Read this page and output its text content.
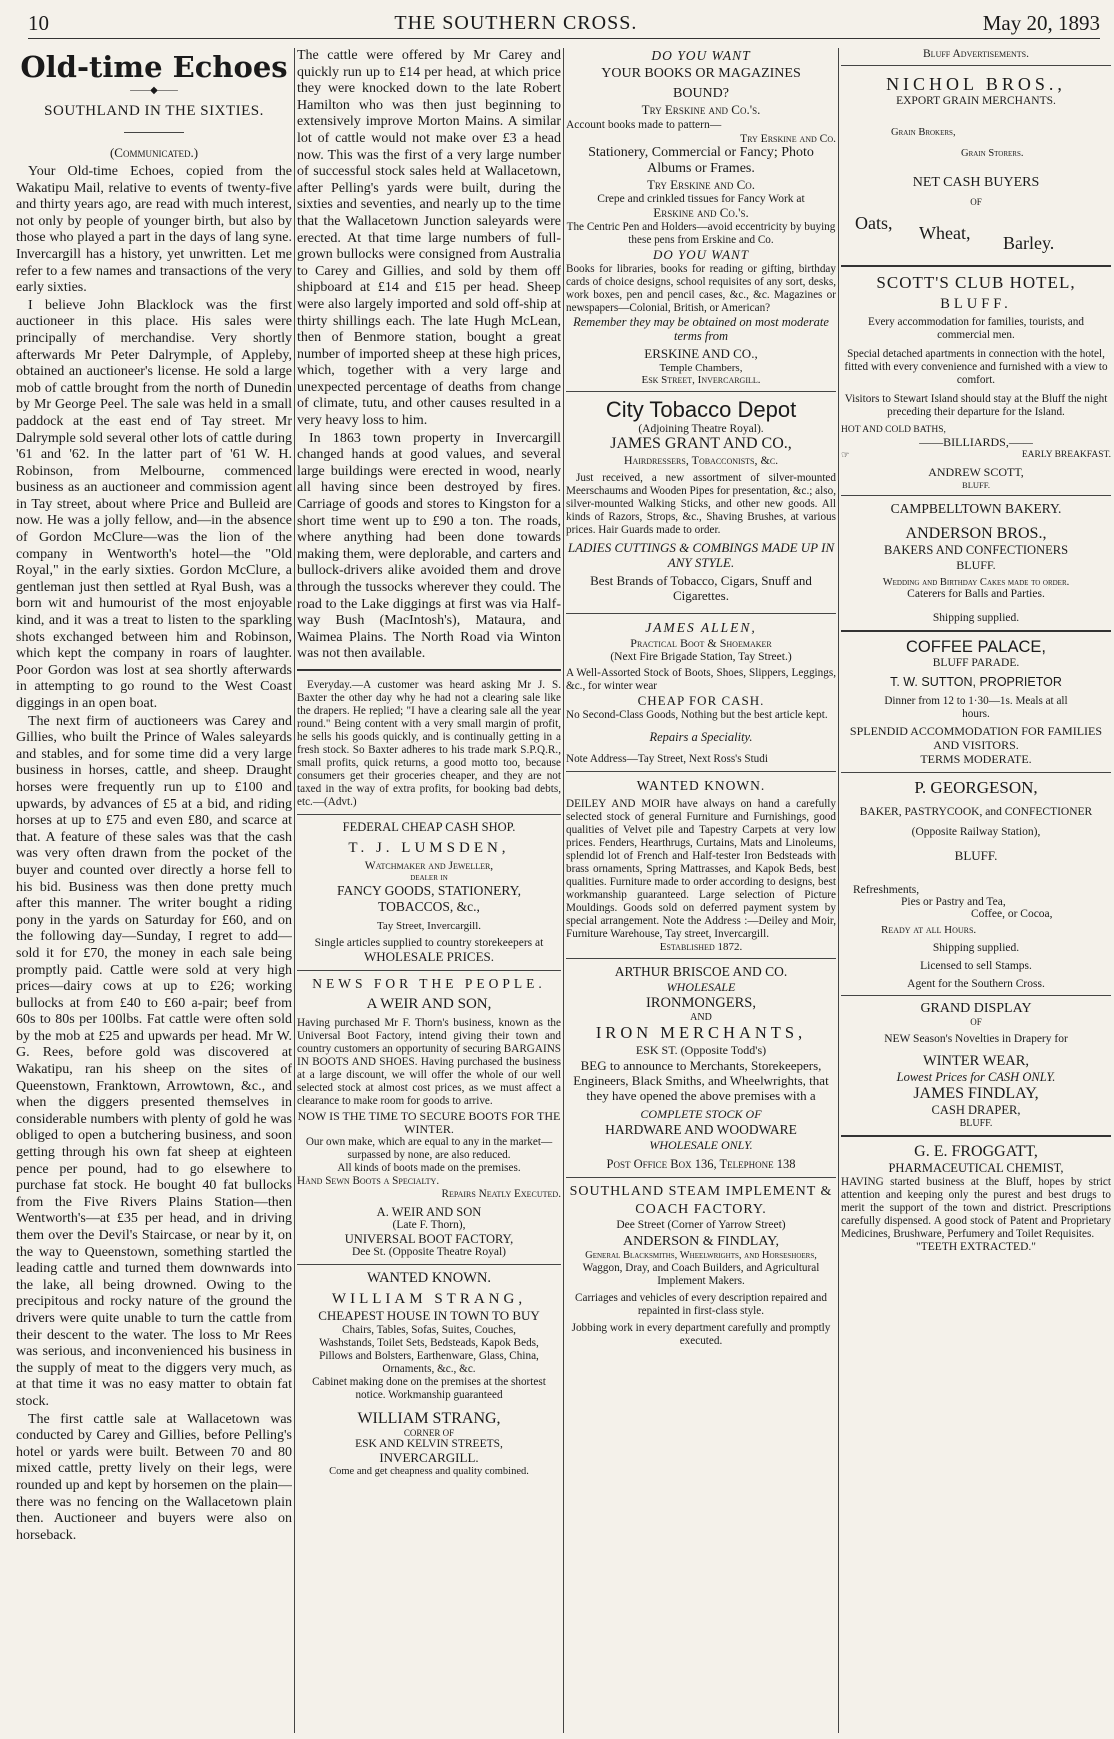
10	THE SOUTHERN CROSS.	May 20, 1893
Old-time Echoes
——◆——
SOUTHLAND IN THE SIXTIES.
(Communicated.)

Your Old-time Echoes, copied from the Wakatipu Mail, relative to events of twenty-five and thirty years ago, are read with much interest, not only by people of younger birth, but also by those who played a part in the days of lang syne. Invercargill has a history, yet unwritten. Let me refer to a few names and transactions of the very early sixties.

I believe John Blacklock was the first auctioneer in this place. His sales were principally of merchandise. Very shortly afterwards Mr Peter Dalrymple, of Appleby, obtained an auctioneer's license. He sold a large mob of cattle brought from the north of Dunedin by Mr George Peel. The sale was held in a small paddock at the east end of Tay street. Mr Dalrymple sold several other lots of cattle during '61 and '62. In the latter part of '61 W. H. Robinson, from Melbourne, commenced business as an auctioneer and commission agent in Tay street, about where Price and Bulleid are now. He was a jolly fellow, and—in the absence of Gordon McClure—was the lion of the company in Wentworth's hotel—the "Old Royal," in the early sixties. Gordon McClure, a gentleman just then settled at Ryal Bush, was a born wit and humourist of the most enjoyable kind, and it was a treat to listen to the sparkling shots exchanged between him and Robinson, which kept the company in roars of laughter. Poor Gordon was lost at sea shortly afterwards in attempting to go round to the West Coast diggings in an open boat.

The next firm of auctioneers was Carey and Gillies, who built the Prince of Wales saleyards and stables, and for some time did a very large business in horses, cattle, and sheep. Draught horses were frequently run up to £100 and upwards, by advances of £5 at a bid, and riding horses at up to £75 and even £80, and scarce at that. A feature of these sales was that the cash was very often drawn from the pocket of the buyer and counted over directly a horse fell to his bid. Business was then done pretty much after this manner. The writer bought a riding pony in the yards on Saturday for £60, and on the following day—Sunday, I regret to add—sold it for £70, the money in each sale being promptly paid. Cattle were sold at very high prices—dairy cows at up to £26; working bullocks at from £40 to £60 a-pair; beef from 60s to 80s per 100lbs. Fat cattle were often sold by the mob at £25 and upwards per head. Mr W. G. Rees, before gold was discovered at Wakatipu, ran his sheep on the sites of Queenstown, Franktown, Arrowtown, &c., and when the diggers presented themselves in considerable numbers with plenty of gold he was obliged to open a butchering business, and soon getting through his own fat sheep at eighteen pence per pound, had to go elsewhere to purchase fat stock. He bought 40 fat bullocks from the Five Rivers Plains Station—then Wentworth's—at £35 per head, and in driving them over the Devil's Staircase, or near by it, on the way to Queenstown, something startled the leading cattle and turned them downwards into the lake, all being drowned. Owing to the precipitous and rocky nature of the ground the drivers were quite unable to turn the cattle from their descent to the water. The loss to Mr Rees was serious, and inconvenienced his business in the supply of meat to the diggers very much, as at that time it was no easy matter to obtain fat stock.

The first cattle sale at Wallacetown was conducted by Carey and Gillies, before Pelling's hotel or yards were built. Between 70 and 80 mixed cattle, pretty lively on their legs, were rounded up and kept by horsemen on the plain—there was no fencing on the Wallacetown plain then. Auctioneer and buyers were also on horseback.

The cattle were offered by Mr Carey and quickly run up to £14 per head, at which price they were knocked down to the late Robert Hamilton who was then just beginning to extensively improve Morton Mains. A similar lot of cattle would not make over £3 a head now. This was the first of a very large number of successful stock sales held at Wallacetown, after Pelling's yards were built, during the sixties and seventies, and nearly up to the time that the Wallacetown Junction saleyards were erected. At that time large numbers of full-grown bullocks were consigned from Australia to Carey and Gillies, and sold by them off shipboard at £14 and £15 per head. Sheep were also largely imported and sold off-ship at thirty shillings each. The late Hugh McLean, then of Benmore station, bought a great number of imported sheep at these high prices, which, together with a very large and unexpected percentage of deaths from change of climate, tutu, and other causes resulted in a very heavy loss to him.

In 1863 town property in Invercargill changed hands at good values, and several large buildings were erected in wood, nearly all having since been destroyed by fires. Carriage of goods and stores to Kingston for a short time went up to £90 a ton. The roads, where anything had been done towards making them, were deplorable, and carters and bullock-drivers alike avoided them and drove through the tussocks wherever they could. The road to the Lake diggings at first was via Half-way Bush (MacIntosh's), Mataura, and Waimea Plains. The North Road via Winton was not then available.

Everyday.—A customer was heard asking Mr J. S. Baxter the other day why he had not a clearing sale like the drapers. He replied; "I have a clearing sale all the year round." Being content with a very small margin of profit, he sells his goods quickly, and is continually getting in a fresh stock. So Baxter adheres to his trade mark S.P.Q.R., small profits, quick returns, a good motto too, because consumers get their groceries cheaper, and they are not taxed in the way of extra profits, for booking bad debts, etc.—(Advt.)

FEDERAL CHEAP CASH SHOP.
T. J. LUMSDEN,
Watchmaker and Jeweller,
dealer in
FANCY GOODS, STATIONERY,
TOBACCOS, &c.,
Tay Street, Invercargill.
Single articles supplied to country storekeepers at
WHOLESALE PRICES.
NEWS FOR THE PEOPLE.
A WEIR AND SON,

Having purchased Mr F. Thorn's business, known as the Universal Boot Factory, intend giving their town and country customers an opportunity of securing BARGAINS IN BOOTS AND SHOES. Having purchased the business at a large discount, we will offer the whole of our well selected stock at almost cost prices, as we must affect a clearance to make room for goods to arrive.

NOW IS THE TIME TO SECURE BOOTS FOR THE WINTER.
Our own make, which are equal to any in the market—surpassed by none, are also reduced.
All kinds of boots made on the premises.
Hand Sewn Boots a Specialty.
Repairs Neatly Executed.
A. WEIR AND SON
(Late F. Thorn),
UNIVERSAL BOOT FACTORY,
Dee St. (Opposite Theatre Royal)
WANTED KNOWN.
WILLIAM STRANG,
CHEAPEST HOUSE IN TOWN TO BUY
Chairs, Tables, Sofas, Suites, Couches, Washstands, Toilet Sets, Bedsteads, Kapok Beds, Pillows and Bolsters, Earthenware, Glass, China, Ornaments, &c., &c.
Cabinet making done on the premises at the shortest notice. Workmanship guaranteed
WILLIAM STRANG,
CORNER OF
ESK AND KELVIN STREETS,
INVERCARGILL.
Come and get cheapness and quality combined.
DO YOU WANT
YOUR BOOKS OR MAGAZINES
BOUND?
Try Erskine and Co.'s.
Account books made to pattern—
Try Erskine and Co.
Stationery, Commercial or Fancy; Photo Albums or Frames.
Try Erskine and Co.
Crepe and crinkled tissues for Fancy Work at
Erskine and Co.'s.
The Centric Pen and Holders—avoid eccentricity by buying these pens from Erskine and Co.
DO YOU WANT

Books for libraries, books for reading or gifting, birthday cards of choice designs, school requisites of any sort, desks, work boxes, pen and pencil cases, &c., &c. Magazines or newspapers—Colonial, British, or American?

Remember they may be obtained on most moderate terms from
ERSKINE AND CO.,
Temple Chambers,
Esk Street, Invercargill.
City Tobacco Depot
(Adjoining Theatre Royal).
JAMES GRANT AND CO.,
Hairdressers, Tobacconists, &c.

Just received, a new assortment of silver-mounted Meerschaums and Wooden Pipes for presentation, &c.; also, silver-mounted Walking Sticks, and other new goods. All kinds of Razors, Strops, &c., Shaving Brushes, at various prices. Hair Guards made to order.

LADIES CUTTINGS & COMBINGS MADE UP IN ANY STYLE.
Best Brands of Tobacco, Cigars, Snuff and Cigarettes.
JAMES ALLEN,
Practical Boot & Shoemaker
(Next Fire Brigade Station, Tay Street.)

A Well-Assorted Stock of Boots, Shoes, Slippers, Leggings, &c., for winter wear

CHEAP FOR CASH.

No Second-Class Goods, Nothing but the best article kept.

Repairs a Speciality.
Note Address—Tay Street, Next Ross's Studi
WANTED KNOWN.

DEILEY AND MOIR have always on hand a carefully selected stock of general Furniture and Furnishings, good qualities of Velvet pile and Tapestry Carpets at very low prices. Fenders, Hearthrugs, Curtains, Mats and Linoleums, splendid lot of French and Half-tester Iron Bedsteads with brass ornaments, Spring Mattrasses, and Kapok Beds, best qualities. Furniture made to order according to designs, best workmanship guaranteed. Large selection of Picture Mouldings. Goods sold on deferred payment system by special arrangement. Note the Address :—Deiley and Moir, Furniture Warehouse, Tay street, Invercargill.

Established 1872.
ARTHUR BRISCOE AND CO.
WHOLESALE
IRONMONGERS,
AND
IRON MERCHANTS,
ESK ST. (Opposite Todd's)

BEG to announce to Merchants, Storekeepers, Engineers, Black Smiths, and Wheelwrights, that they have opened the above premises with a

COMPLETE STOCK OF
HARDWARE AND WOODWARE
WHOLESALE ONLY.
Post Office Box 136, Telephone 138
SOUTHLAND STEAM IMPLEMENT & COACH FACTORY.
Dee Street (Corner of Yarrow Street)
ANDERSON & FINDLAY,
General Blacksmiths, Wheelwrights, and Horseshoers,
Waggon, Dray, and Coach Builders, and Agricultural Implement Makers.
Carriages and vehicles of every description repaired and repainted in first-class style.
Jobbing work in every department carefully and promptly executed.
Bluff Advertisements.
NICHOL BROS.,
EXPORT GRAIN MERCHANTS.
Grain Brokers,
Grain Storers.
NET CASH BUYERS
OF
Oats, Wheat, Barley.
SCOTT'S CLUB HOTEL,
BLUFF.
Every accommodation for families, tourists, and commercial men.
Special detached apartments in connection with the hotel, fitted with every convenience and furnished with a view to comfort.
Visitors to Stewart Island should stay at the Bluff the night preceding their departure for the Island.
HOT AND COLD BATHS,
——BILLIARDS,——
☞	EARLY BREAKFAST.
ANDREW SCOTT,
BLUFF.
CAMPBELLTOWN BAKERY.
ANDERSON BROS.,
BAKERS AND CONFECTIONERS
BLUFF.
Wedding and Birthday Cakes made to order.
Caterers for Balls and Parties.
Shipping supplied.
COFFEE PALACE,
BLUFF PARADE.
T. W. SUTTON, PROPRIETOR
Dinner from 12 to 1·30—1s. Meals at all hours.
SPLENDID ACCOMMODATION FOR FAMILIES AND VISITORS.
TERMS MODERATE.
P. GEORGESON,
BAKER, PASTRYCOOK, and CONFECTIONER
(Opposite Railway Station),
BLUFF.
Refreshments,
Pies or Pastry and Tea,
Coffee, or Cocoa,
Ready at all Hours.
Shipping supplied.
Licensed to sell Stamps.
Agent for the Southern Cross.
GRAND DISPLAY
OF
NEW Season's Novelties in Drapery for
WINTER WEAR,
Lowest Prices for CASH ONLY.
JAMES FINDLAY,
CASH DRAPER,
BLUFF.
G. E. FROGGATT,
PHARMACEUTICAL CHEMIST,

HAVING started business at the Bluff, hopes by strict attention and keeping only the purest and best drugs to merit the support of the town and district. Prescriptions carefully dispensed. A good stock of Patent and Proprietary Medicines, Brushware, Perfumery and Toilet Requisites.

"TEETH EXTRACTED."
